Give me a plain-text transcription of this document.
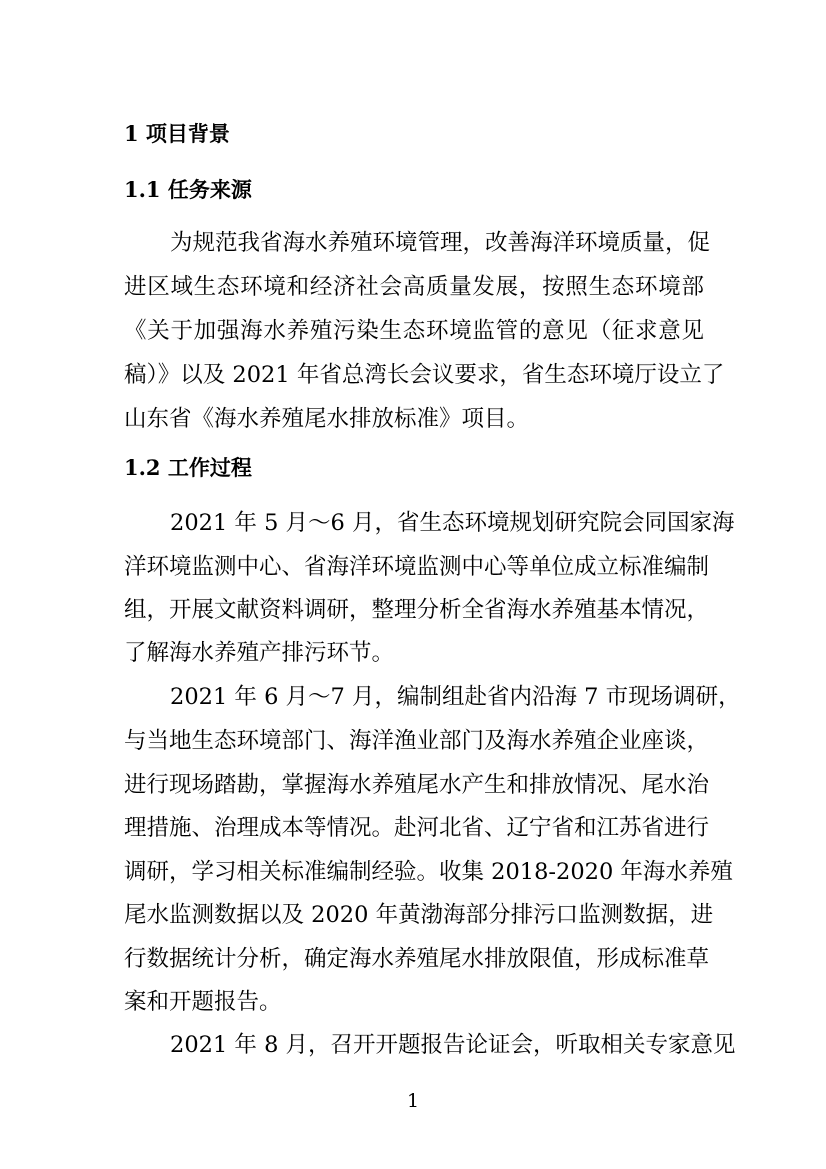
1 项目背景
1.1 任务来源
为规范我省海水养殖环境管理，改善海洋环境质量，促
进区域生态环境和经济社会高质量发展，按照生态环境部
《关于加强海水养殖污染生态环境监管的意见（征求意见
稿）》以及 2021 年省总湾长会议要求，省生态环境厅设立了
山东省《海水养殖尾水排放标准》项目。
1.2 工作过程
2021 年 5 月～6 月，省生态环境规划研究院会同国家海
洋环境监测中心、省海洋环境监测中心等单位成立标准编制
组，开展文献资料调研，整理分析全省海水养殖基本情况，
了解海水养殖产排污环节。
2021 年 6 月～7 月，编制组赴省内沿海 7 市现场调研，
与当地生态环境部门、海洋渔业部门及海水养殖企业座谈，
进行现场踏勘，掌握海水养殖尾水产生和排放情况、尾水治
理措施、治理成本等情况。赴河北省、辽宁省和江苏省进行
调研，学习相关标准编制经验。收集 2018-2020 年海水养殖
尾水监测数据以及 2020 年黄渤海部分排污口监测数据，进
行数据统计分析，确定海水养殖尾水排放限值，形成标准草
案和开题报告。
2021 年 8 月，召开开题报告论证会，听取相关专家意见
1
